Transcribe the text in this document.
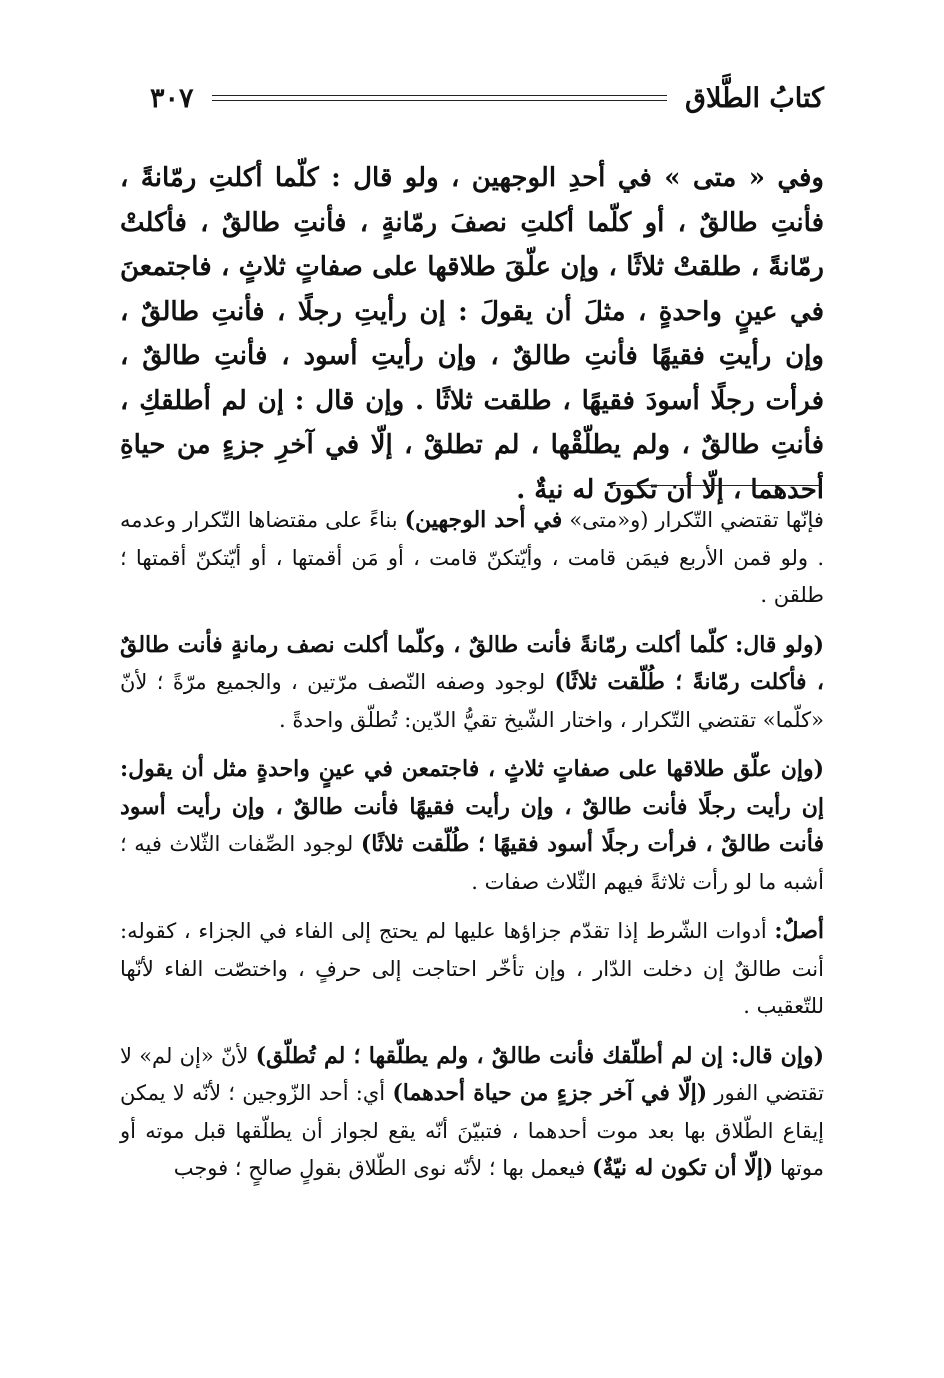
كتابُ الطَّلاق
٣٠٧

وفي « متى » في أحدِ الوجهين ، ولو قال : كلّما أكلتِ رمّانةً ، فأنتِ طالقٌ ، أو كلّما أكلتِ نصفَ رمّانةٍ ، فأنتِ طالقٌ ، فأكلتْ رمّانةً ، طلقتْ ثلاثًا ، وإن علّقَ طلاقها على صفاتٍ ثلاثٍ ، فاجتمعنَ في عينٍ واحدةٍ ، مثلَ أن يقولَ : إن رأيتِ رجلًا ، فأنتِ طالقٌ ، وإن رأيتِ فقيهًا فأنتِ طالقٌ ، وإن رأيتِ أسود ، فأنتِ طالقٌ ، فرأت رجلًا أسودَ فقيهًا ، طلقت ثلاثًا . وإن قال : إن لم أطلقكِ ، فأنتِ طالقٌ ، ولم يطلّقْها ، لم تطلقْ ، إلّا في آخرِ جزءٍ من حياةِ أحدهما ، إلّا أن تكونَ له نيةٌ .

فإنّها تقتضي التّكرار (و«متى» في أحد الوجهين) بناءً على مقتضاها التّكرار وعدمه . ولو قمن الأربع فيمَن قامت ، وأيّتكنّ قامت ، أو مَن أقمتها ، أو أيّتكنّ أقمتها ؛ طلقن .

(ولو قال: كلّما أكلت رمّانةً فأنت طالقٌ ، وكلّما أكلت نصف رمانةٍ فأنت طالقٌ ، فأكلت رمّانةً ؛ طُلّقت ثلاثًا) لوجود وصفه النّصف مرّتين ، والجميع مرّةً ؛ لأنّ «كلّما» تقتضي التّكرار ، واختار الشّيخ تقيُّ الدّين: تُطلّق واحدةً .

(وإن علّق طلاقها على صفاتٍ ثلاثٍ ، فاجتمعن في عينٍ واحدةٍ مثل أن يقول: إن رأيت رجلًا فأنت طالقٌ ، وإن رأيت فقيهًا فأنت طالقٌ ، وإن رأيت أسود فأنت طالقٌ ، فرأت رجلًا أسود فقيهًا ؛ طُلّقت ثلاثًا) لوجود الصِّفات الثّلاث فيه ؛ أشبه ما لو رأت ثلاثةً فيهم الثّلاث صفات .

أصلٌ: أدوات الشّرط إذا تقدّم جزاؤها عليها لم يحتج إلى الفاء في الجزاء ، كقوله: أنت طالقٌ إن دخلت الدّار ، وإن تأخّر احتاجت إلى حرفٍ ، واختصّت الفاء لأنّها للتّعقيب .

(وإن قال: إن لم أطلّقك فأنت طالقٌ ، ولم يطلّقها ؛ لم تُطلّق) لأنّ «إن لم» لا تقتضي الفور (إلّا في آخر جزءٍ من حياة أحدهما) أي: أحد الزّوجين ؛ لأنّه لا يمكن إيقاع الطّلاق بها بعد موت أحدهما ، فتبيّنَ أنّه يقع لجواز أن يطلّقها قبل موته أو موتها (إلّا أن تكون له نيّةٌ) فيعمل بها ؛ لأنّه نوى الطّلاق بقولٍ صالحٍ ؛ فوجب
